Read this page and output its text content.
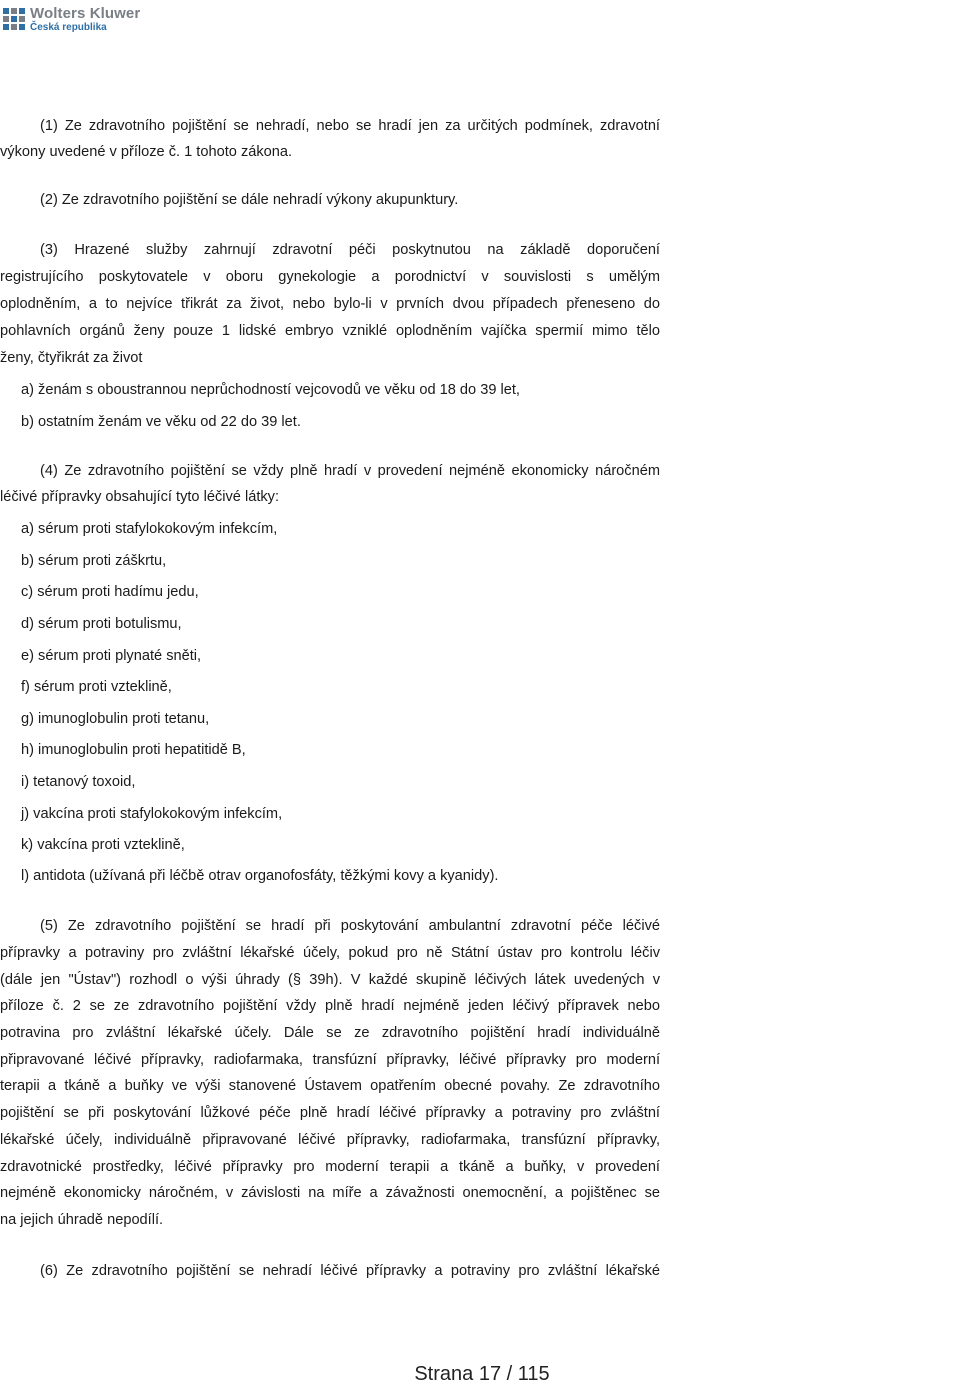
Wolters Kluwer
Česká republika
(1) Ze zdravotního pojištění se nehradí, nebo se hradí jen za určitých podmínek, zdravotní
výkony uvedené v příloze č. 1 tohoto zákona.
(2) Ze zdravotního pojištění se dále nehradí výkony akupunktury.
(3) Hrazené služby zahrnují zdravotní péči poskytnutou na základě doporučení
registrujícího poskytovatele v oboru gynekologie a porodnictví v souvislosti s umělým
oplodněním, a to nejvíce třikrát za život, nebo bylo-li v prvních dvou případech přeneseno do
pohlavních orgánů ženy pouze 1 lidské embryo vzniklé oplodněním vajíčka spermií mimo tělo
ženy, čtyřikrát za život
a) ženám s oboustrannou neprůchodností vejcovodů ve věku od 18 do 39 let,
b) ostatním ženám ve věku od 22 do 39 let.
(4) Ze zdravotního pojištění se vždy plně hradí v provedení nejméně ekonomicky náročném
léčivé přípravky obsahující tyto léčivé látky:
a) sérum proti stafylokokovým infekcím,
b) sérum proti záškrtu,
c) sérum proti hadímu jedu,
d) sérum proti botulismu,
e) sérum proti plynaté sněti,
f) sérum proti vzteklině,
g) imunoglobulin proti tetanu,
h) imunoglobulin proti hepatitidě B,
i) tetanový toxoid,
j) vakcína proti stafylokokovým infekcím,
k) vakcína proti vzteklině,
l) antidota (užívaná při léčbě otrav organofosfáty, těžkými kovy a kyanidy).
(5) Ze zdravotního pojištění se hradí při poskytování ambulantní zdravotní péče léčivé
přípravky a potraviny pro zvláštní lékařské účely, pokud pro ně Státní ústav pro kontrolu léčiv
(dále jen "Ústav") rozhodl o výši úhrady (§ 39h). V každé skupině léčivých látek uvedených v
příloze č. 2 se ze zdravotního pojištění vždy plně hradí nejméně jeden léčivý přípravek nebo
potravina pro zvláštní lékařské účely. Dále se ze zdravotního pojištění hradí individuálně
připravované léčivé přípravky, radiofarmaka, transfúzní přípravky, léčivé přípravky pro moderní
terapii a tkáně a buňky ve výši stanovené Ústavem opatřením obecné povahy. Ze zdravotního
pojištění se při poskytování lůžkové péče plně hradí léčivé přípravky a potraviny pro zvláštní
lékařské účely, individuálně připravované léčivé přípravky, radiofarmaka, transfúzní přípravky,
zdravotnické prostředky, léčivé přípravky pro moderní terapii a tkáně a buňky, v provedení
nejméně ekonomicky náročném, v závislosti na míře a závažnosti onemocnění, a pojištěnec se
na jejich úhradě nepodílí.
(6) Ze zdravotního pojištění se nehradí léčivé přípravky a potraviny pro zvláštní lékařské
Strana 17 / 115
